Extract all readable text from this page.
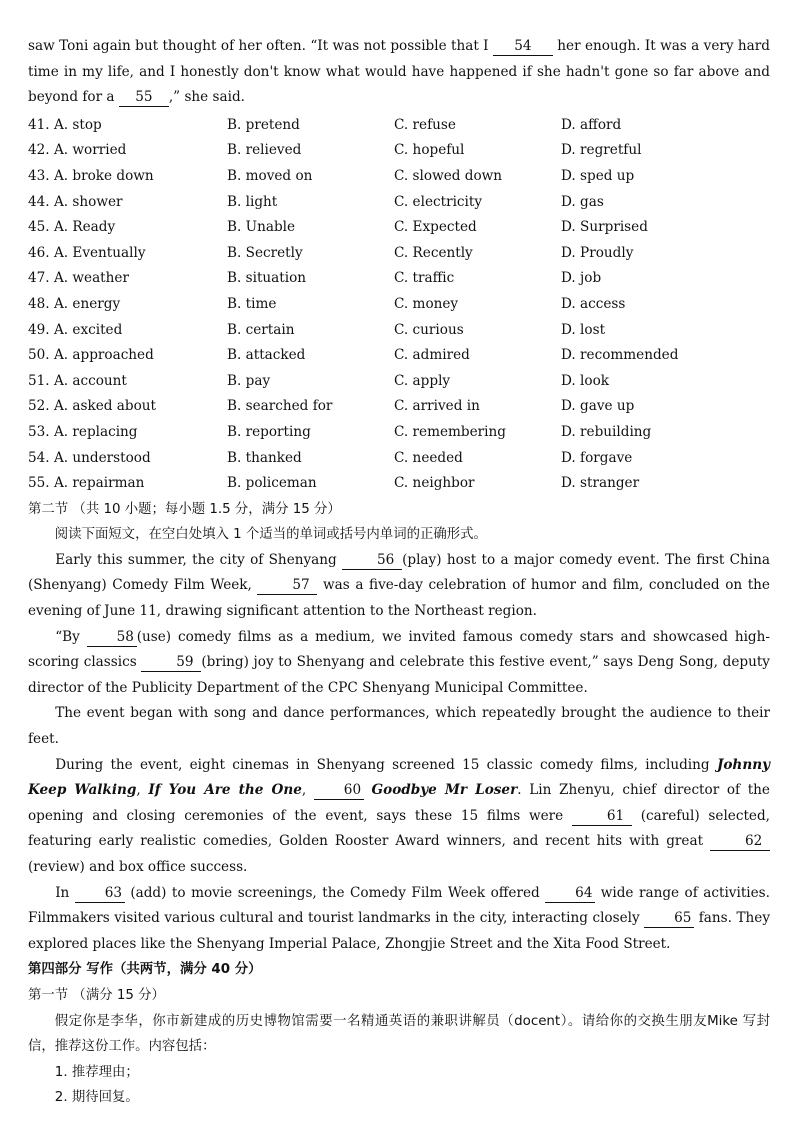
saw Toni again but thought of her often. “It was not possible that I 54 her enough. It was a very hard time in my life, and I honestly don't know what would have happened if she hadn't gone so far above and beyond for a 55 ,” she said.

41. A. stop	B. pretend	C. refuse	D. afford
42. A. worried	B. relieved	C. hopeful	D. regretful
43. A. broke down	B. moved on	C. slowed down	D. sped up
44. A. shower	B. light	C. electricity	D. gas
45. A. Ready	B. Unable	C. Expected	D. Surprised
46. A. Eventually	B. Secretly	C. Recently	D. Proudly
47. A. weather	B. situation	C. traffic	D. job
48. A. energy	B. time	C. money	D. access
49. A. excited	B. certain	C. curious	D. lost
50. A. approached	B. attacked	C. admired	D. recommended
51. A. account	B. pay	C. apply	D. look
52. A. asked about	B. searched for	C. arrived in	D. gave up
53. A. replacing	B. reporting	C. remembering	D. rebuilding
54. A. understood	B. thanked	C. needed	D. forgave
55. A. repairman	B. policeman	C. neighbor	D. stranger

第二节 （共 10 小题；每小题 1.5 分，满分 15 分）

阅读下面短文，在空白处填入 1 个适当的单词或括号内单词的正确形式。

Early this summer, the city of Shenyang	56 (play) host to a major comedy event. The first China (Shenyang) Comedy Film Week,	57 was a five-day celebration of humor and film, concluded on the evening of June 11, drawing significant attention to the Northeast region.

“By	58 (use) comedy films as a medium, we invited famous comedy stars and showcased high-scoring classics	59 (bring) joy to Shenyang and celebrate this festive event,” says Deng Song, deputy director of the Publicity Department of the CPC Shenyang Municipal Committee.

The event began with song and dance performances, which repeatedly brought the audience to their feet.

During the event, eight cinemas in Shenyang screened 15 classic comedy films, including Johnny Keep Walking, If You Are the One,	60 Goodbye Mr Loser. Lin Zhenyu, chief director of the opening and closing ceremonies of the event, says these 15 films were	61 (careful) selected, featuring early realistic comedies, Golden Rooster Award winners, and recent hits with great	62 (review) and box office success.

In	63 (add) to movie screenings, the Comedy Film Week offered	64 wide range of activities. Filmmakers visited various cultural and tourist landmarks in the city, interacting closely	65 fans. They explored places like the Shenyang Imperial Palace, Zhongjie Street and the Xita Food Street.

第四部分 写作（共两节，满分 40 分）

第一节 （满分 15 分）

假定你是李华，你市新建成的历史博物馆需要一名精通英语的兼职讲解员（docent）。请给你的交换生朋友Mike 写封信，推荐这份工作。内容包括：

1. 推荐理由；

2. 期待回复。
